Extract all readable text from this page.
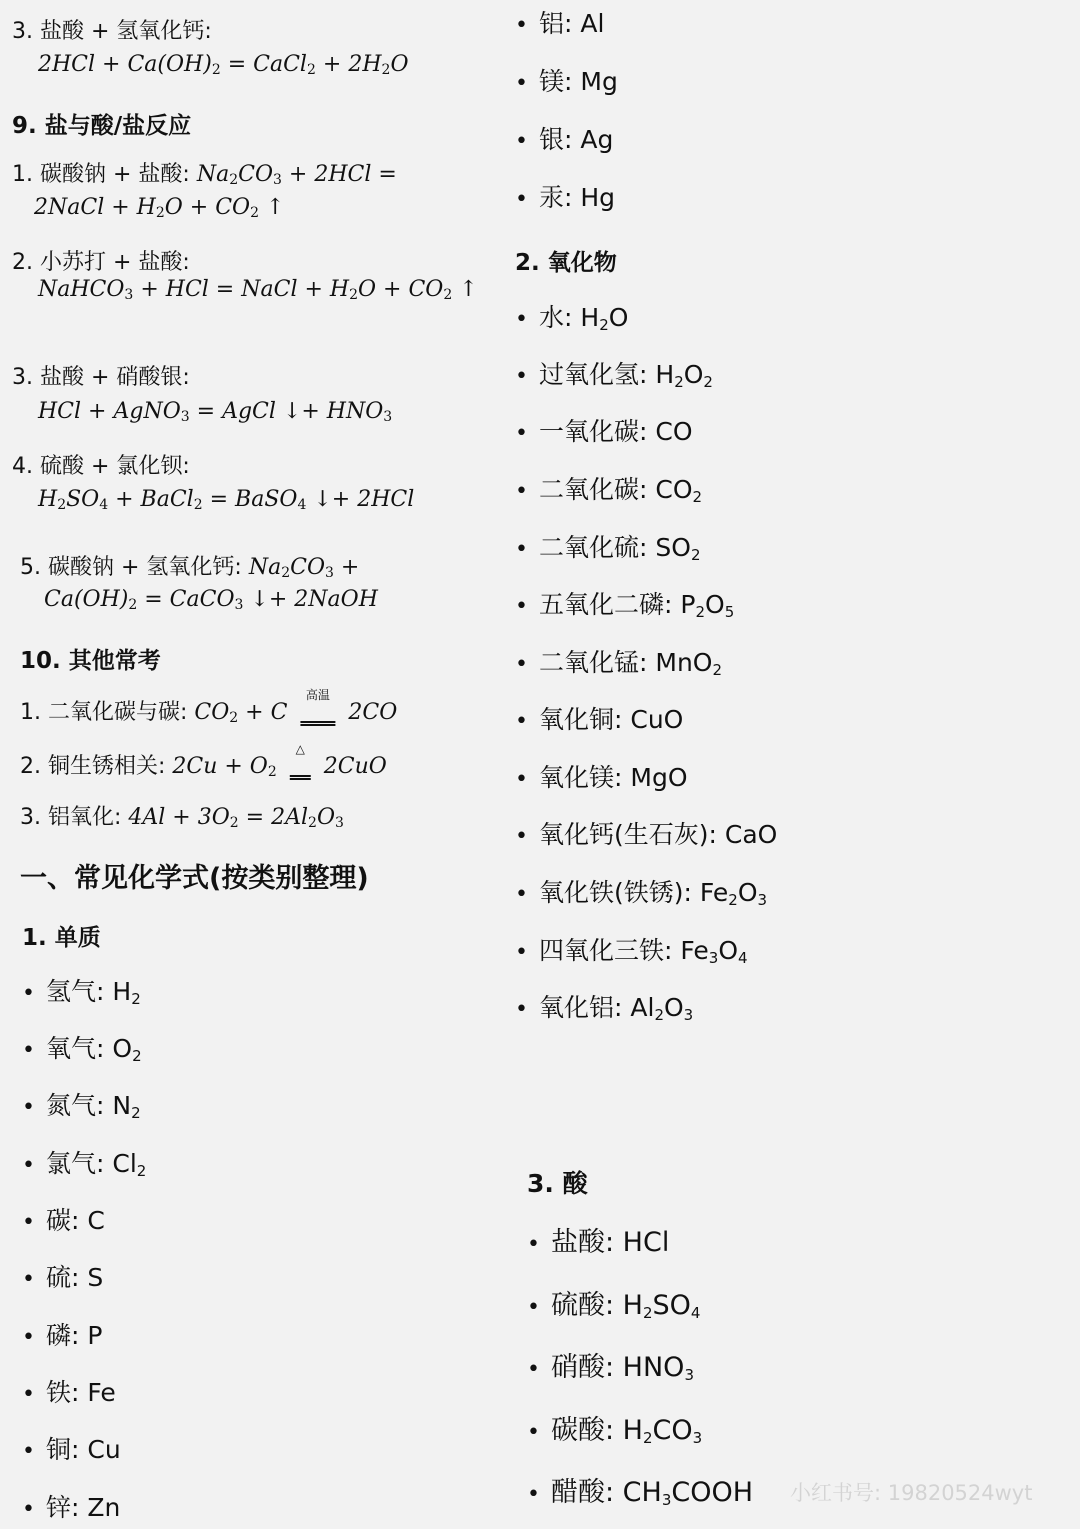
3. 盐酸 + 氢氧化钙:
$2HCl + Ca(OH)_2$ = CaCl$_2$ + $2H_2O$
9. 盐与酸/盐反应
1. 碳酸钠 + 盐酸: $Na_2CO_3 + 2HCl$ =
2NaCl + $H_2O + CO_2$ ↑
2. 小苏打 + 盐酸:
NaHCO$_3$ + HCl = NaCl + $H_2O + CO_2$ ↑
3. 盐酸 + 硝酸银:
HCl + AgNO$_3$ = AgCl ↓+ $HNO_3$
4. 硫酸 + 氯化钡:
$H_2SO_4$ + BaCl$_2$ = BaSO$_4$ ↓+ 2HCl
5. 碳酸钠 + 氢氧化钙: $Na_2CO_3$ +
$Ca(OH)_2$ = CaCO$_3$ ↓+ 2NaOH
10. 其他常考
1. 二氧化碳与碳: $CO_2 + C$
高温
2CO
2. 铜生锈相关: $2Cu + O_2$
△
2CuO
3. 铝氧化: $4Al + 3O_2 = 2Al_2O_3$
一、常见化学式(按类别整理)
1. 单质
• 氢气: $H_2$
• 氧气: $O_2$
• 氮气: $N_2$
• 氯气: $Cl_2$
• 碳: C
• 硫: S
• 磷: P
• 铁: Fe
• 铜: Cu
• 锌: Zn
• 铝: Al
• 镁: Mg
• 银: Ag
• 汞: Hg
2. 氧化物
• 水: $H_2O$
• 过氧化氢: $H_2O_2$
• 一氧化碳: CO
• 二氧化碳: $CO_2$
• 二氧化硫: $SO_2$
• 五氧化二磷: $P_2O_5$
• 二氧化锰: MnO$_2$
• 氧化铜: CuO
• 氧化镁: MgO
• 氧化钙(生石灰): CaO
• 氧化铁(铁锈): $Fe_2O_3$
• 四氧化三铁: $Fe_3O_4$
• 氧化铝: $Al_2O_3$
3. 酸
• 盐酸: HCl
• 硫酸: $H_2SO_4$
• 硝酸: $HNO_3$
• 碳酸: $H_2CO_3$
• 醋酸: $CH_3COOH$ 小红书号: 1982052​4wyt
